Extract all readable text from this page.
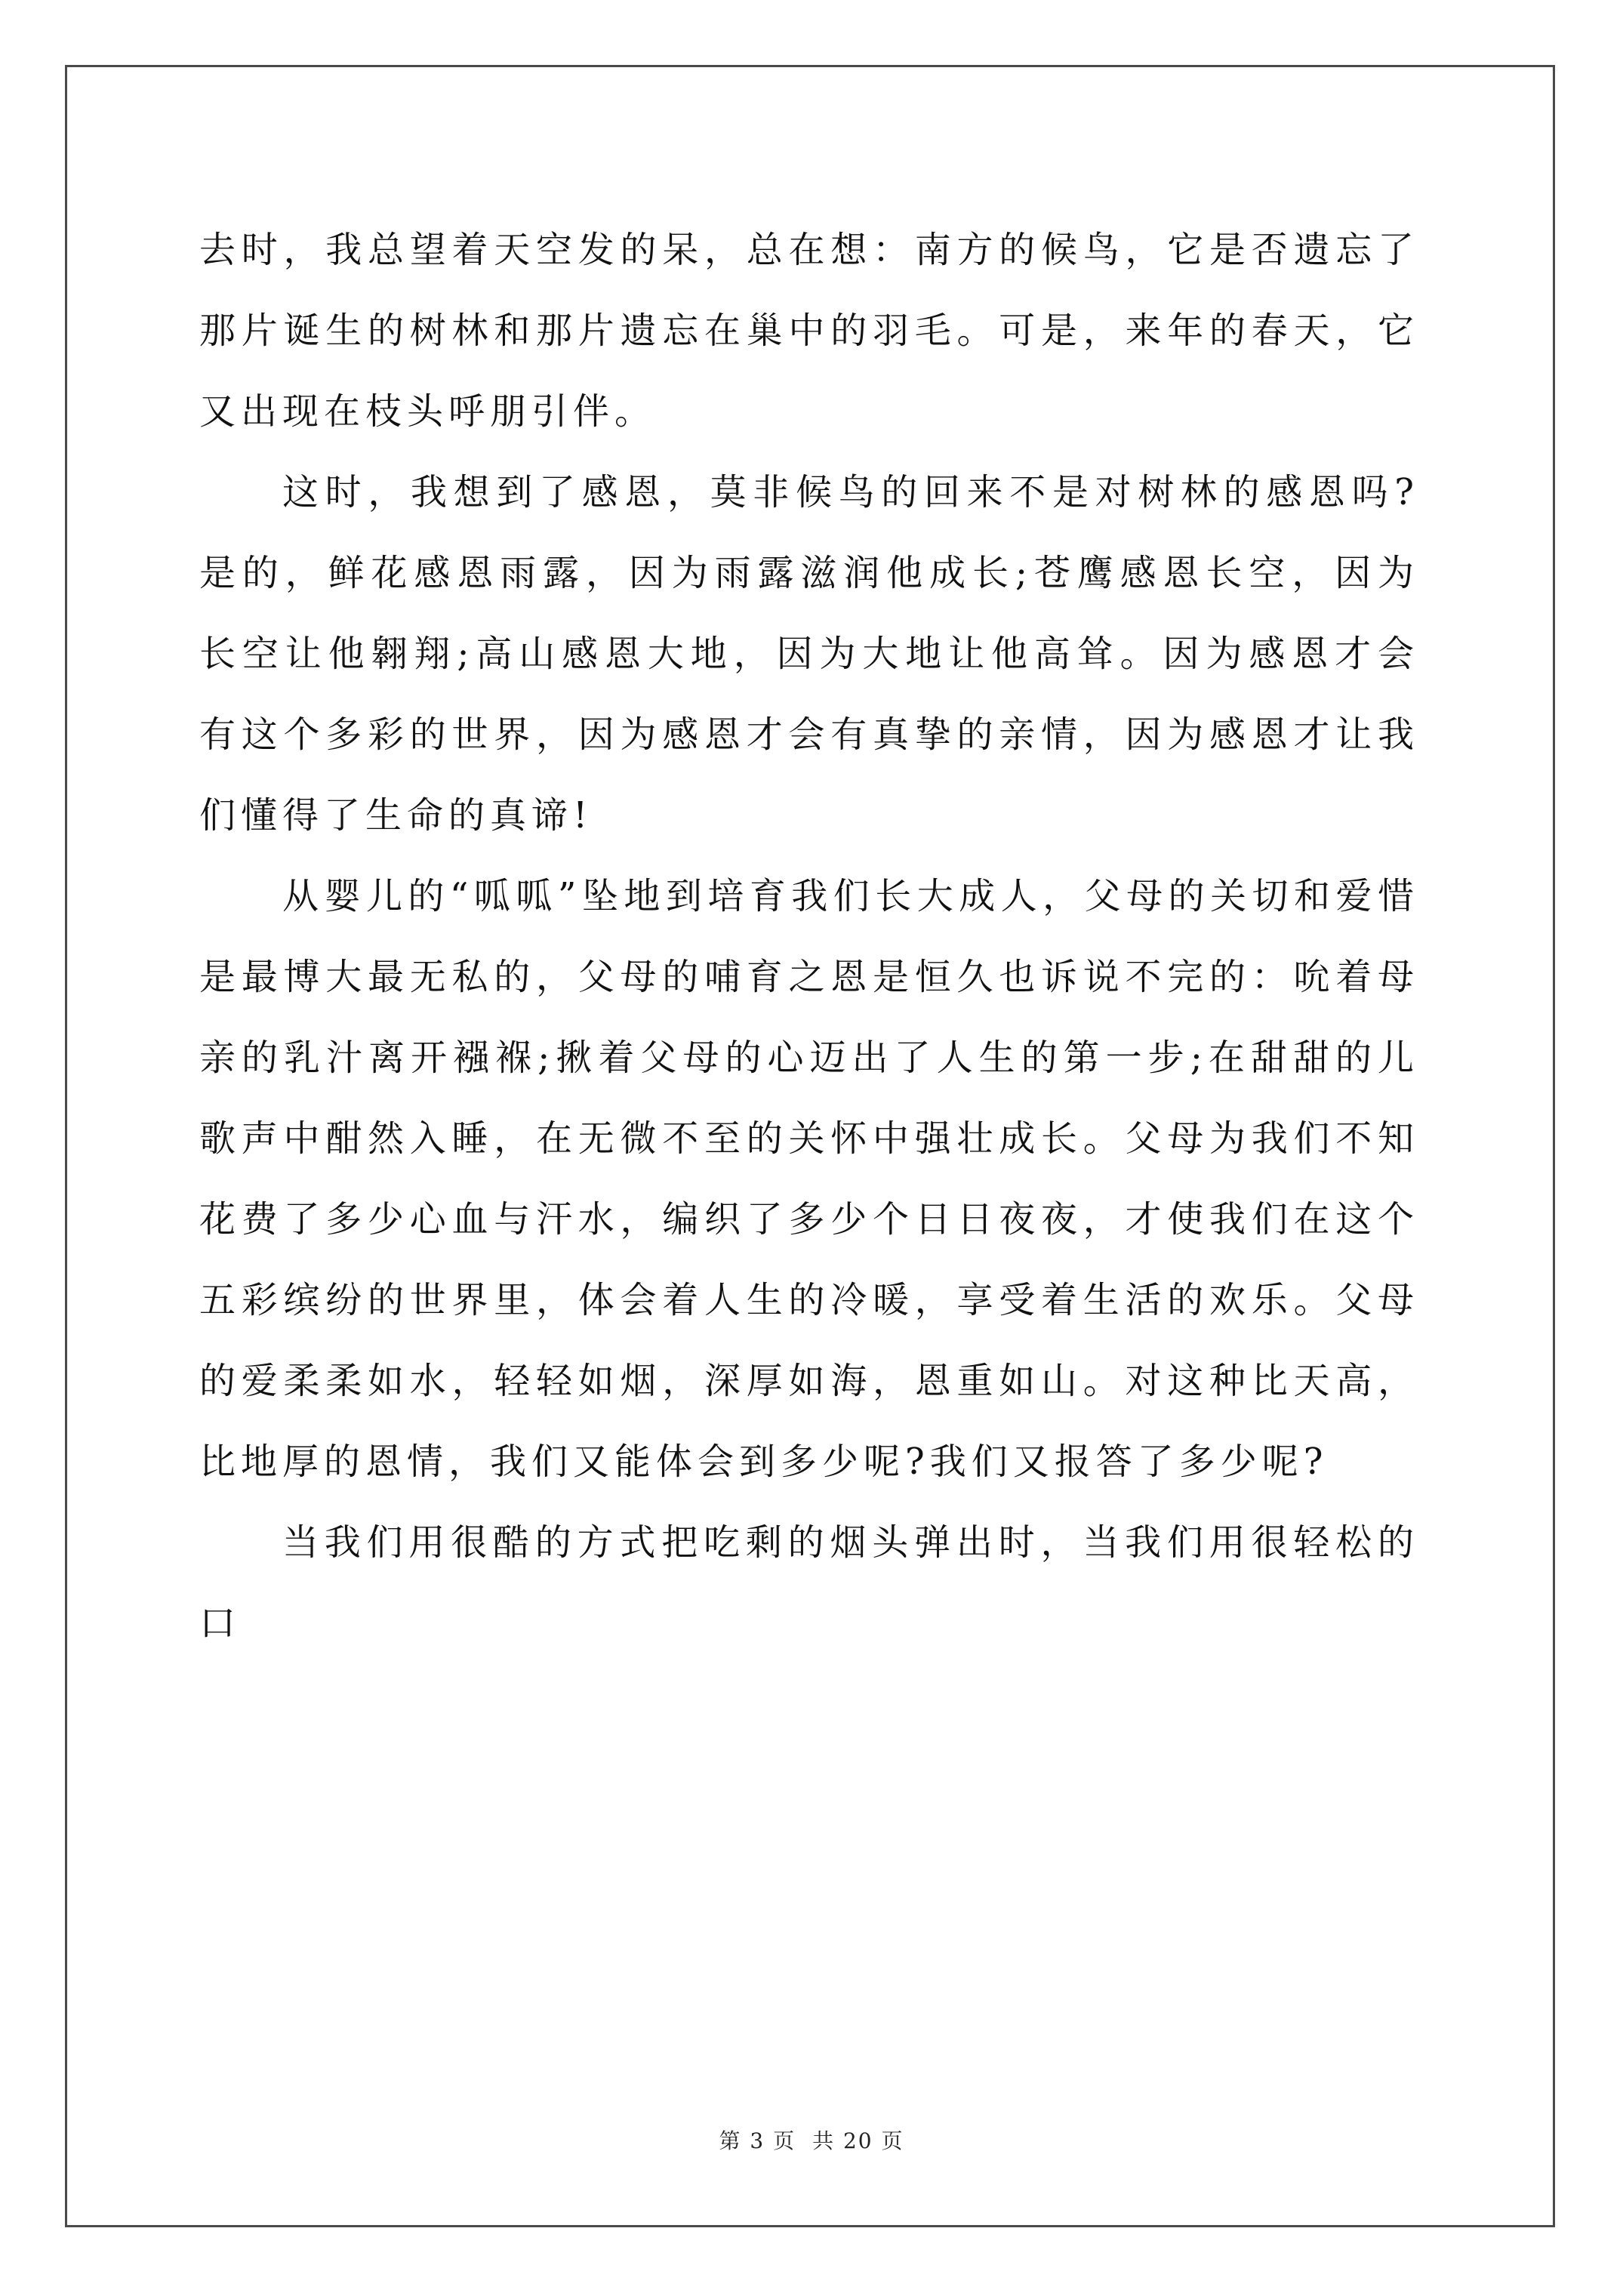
去时，我总望着天空发的呆，总在想：南方的候鸟，它是否遗忘了那片诞生的树林和那片遗忘在巢中的羽毛。可是，来年的春天，它又出现在枝头呼朋引伴。

这时，我想到了感恩，莫非候鸟的回来不是对树林的感恩吗?是的，鲜花感恩雨露，因为雨露滋润他成长;苍鹰感恩长空，因为长空让他翱翔;高山感恩大地，因为大地让他高耸。因为感恩才会有这个多彩的世界，因为感恩才会有真挚的亲情，因为感恩才让我们懂得了生命的真谛!

从婴儿的“呱呱”坠地到培育我们长大成人，父母的关切和爱惜是最博大最无私的，父母的哺育之恩是恒久也诉说不完的：吮着母亲的乳汁离开襁褓;揪着父母的心迈出了人生的第一步;在甜甜的儿歌声中酣然入睡，在无微不至的关怀中强壮成长。父母为我们不知花费了多少心血与汗水，编织了多少个日日夜夜，才使我们在这个五彩缤纷的世界里，体会着人生的冷暖，享受着生活的欢乐。父母的爱柔柔如水，轻轻如烟，深厚如海，恩重如山。对这种比天高，比地厚的恩情，我们又能体会到多少呢?我们又报答了多少呢?

当我们用很酷的方式把吃剩的烟头弹出时，当我们用很轻松的口

第 3 页 共 20 页
